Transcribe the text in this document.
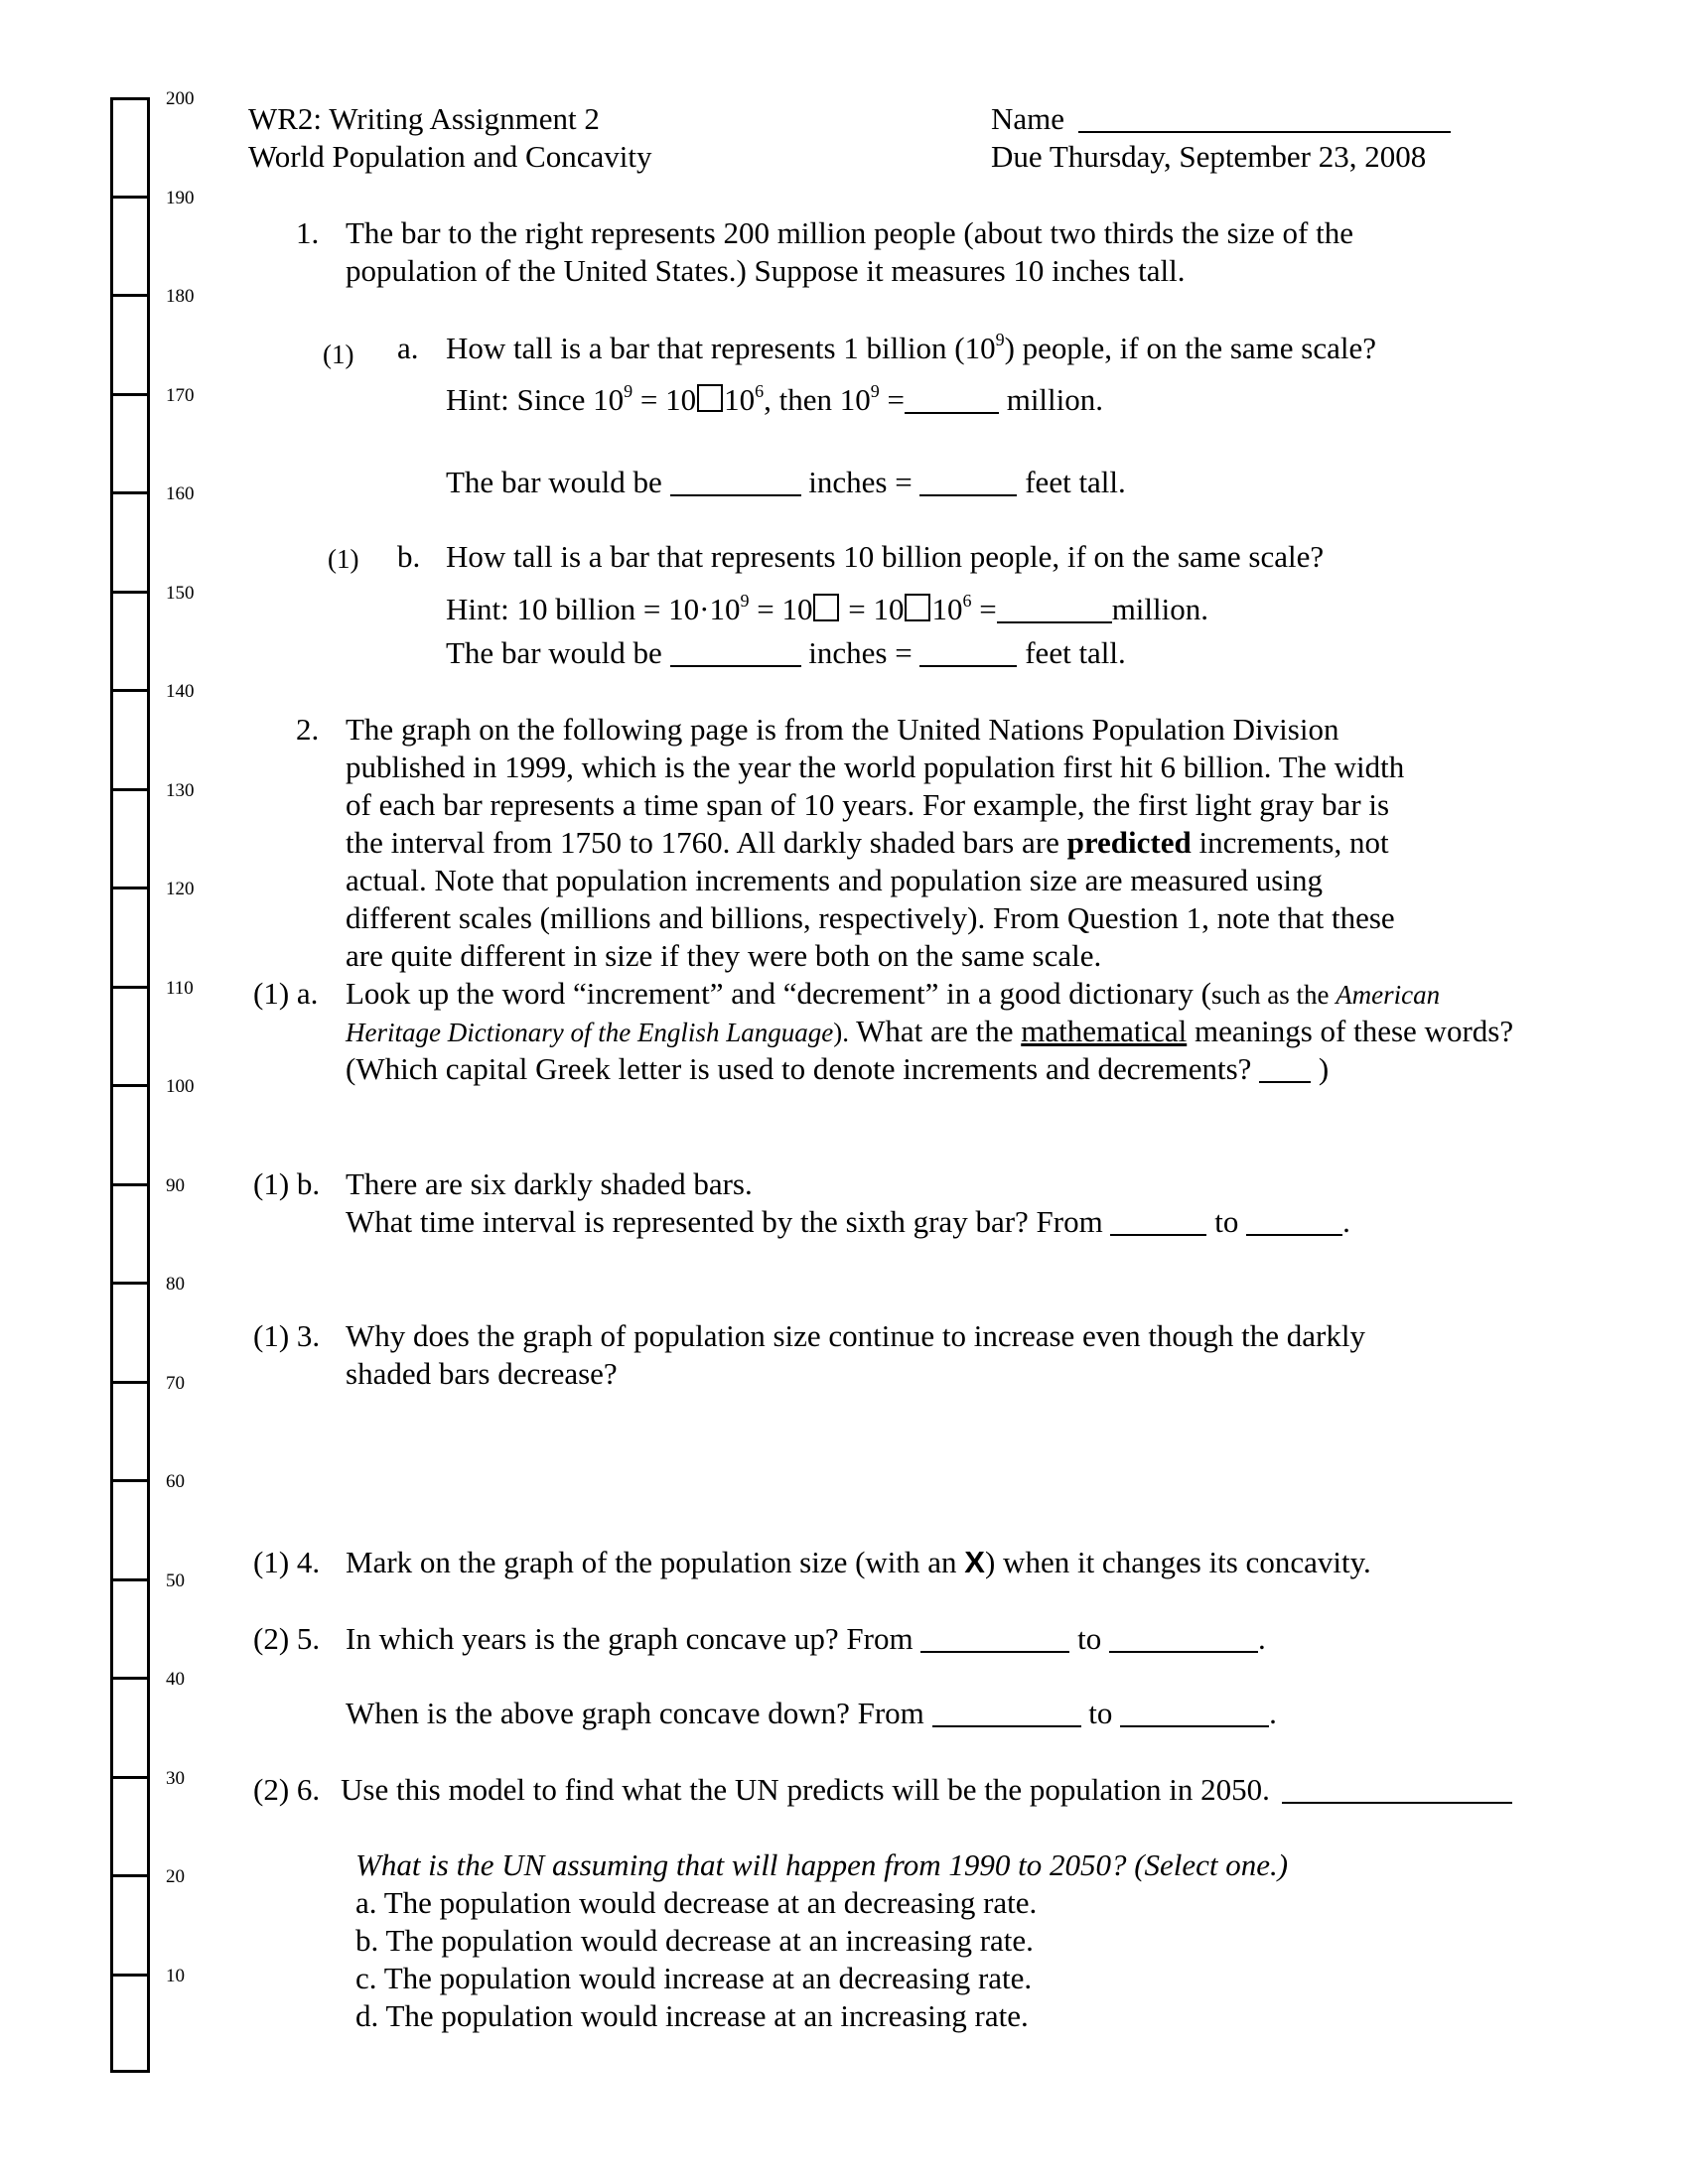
200
190
180
170
160
150
140
130
120
110
100
90
80
70
60
50
40
30
20
10
WR2: Writing Assignment 2
World Population and Concavity
Name
Due Thursday, September 23, 2008
1. The bar to the right represents 200 million people (about two thirds the size of the
population of the United States.) Suppose it measures 10 inches tall.
(1) a. How tall is a bar that represents 1 billion $(10^9)$ people, if on the same scale?
Hint: Since $10^9 = 10$ $10^6$, then $10^9$ =	million.
The bar would be	inches =	feet tall.
(1) b. How tall is a bar that represents 10 billion people, if on the same scale?
Hint: 10 billion = $10\cdot 10^9 = 10 = 10$ $10^6$ =	million.
The bar would be	inches =	feet tall.
2. The graph on the following page is from the United Nations Population Division
published in 1999, which is the year the world population first hit 6 billion. The width
of each bar represents a time span of 10 years. For example, the first light gray bar is
the interval from 1750 to 1760. All darkly shaded bars are predicted increments, not
actual. Note that population increments and population size are measured using
different scales (millions and billions, respectively). From Question 1, note that these
are quite different in size if they were both on the same scale.
(1) a. Look up the word “increment” and “decrement” in a good dictionary (such as the American
Heritage Dictionary of the English Language). What are the mathematical meanings of these words?
(Which capital Greek letter is used to denote increments and decrements? )
(1) b. There are six darkly shaded bars.
What time interval is represented by the sixth gray bar? From	to	.
(1) 3. Why does the graph of population size continue to increase even though the darkly
shaded bars decrease?
(1) 4. Mark on the graph of the population size (with an X) when it changes its concavity.
(2) 5. In which years is the graph concave up? From	to	.
When is the above graph concave down? From	to	.
(2) 6. Use this model to find what the UN predicts will be the population in 2050.
What is the UN assuming that will happen from 1990 to 2050? (Select one.)
a. The population would decrease at an decreasing rate.
b. The population would decrease at an increasing rate.
c. The population would increase at an decreasing rate.
d. The population would increase at an increasing rate.
